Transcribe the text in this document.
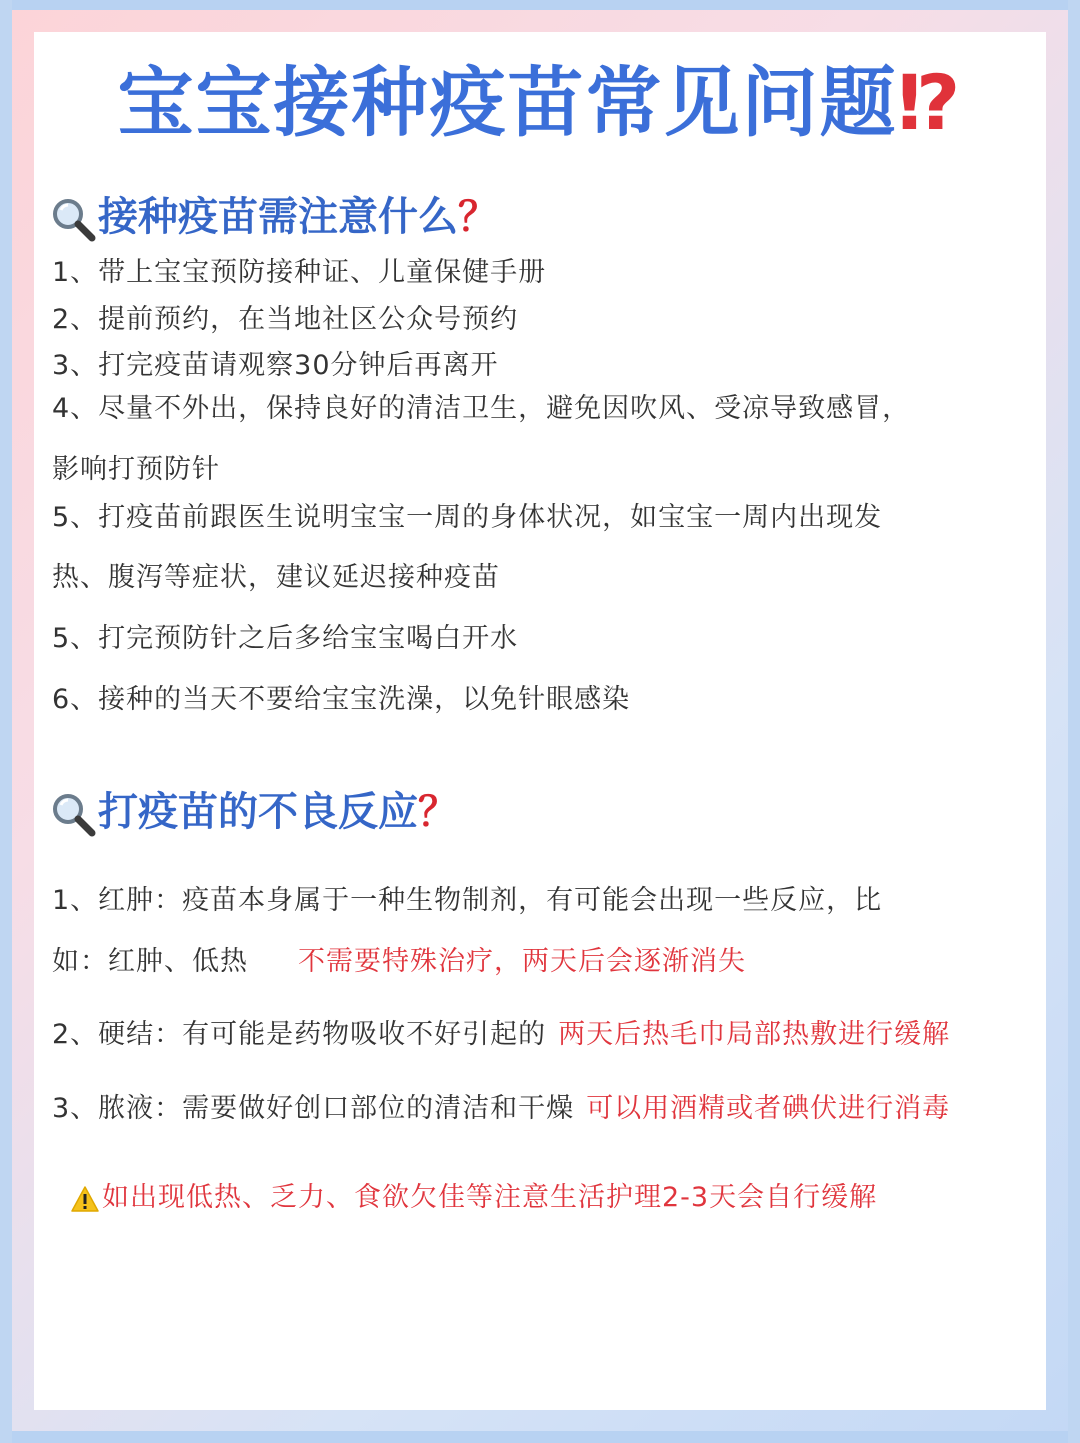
宝宝接种疫苗常见问题⁉
接种疫苗需注意什么？
1、带上宝宝预防接种证、儿童保健手册
2、提前预约，在当地社区公众号预约
3、打完疫苗请观察30分钟后再离开
4、尽量不外出，保持良好的清洁卫生，避免因吹风、受凉导致感冒，
影响打预防针
5、打疫苗前跟医生说明宝宝一周的身体状况，如宝宝一周内出现发
热、腹泻等症状，建议延迟接种疫苗
5、打完预防针之后多给宝宝喝白开水
6、接种的当天不要给宝宝洗澡，以免针眼感染
打疫苗的不良反应？
1、红肿：疫苗本身属于一种生物制剂，有可能会出现一些反应，比
如：红肿、低热 不需要特殊治疗，两天后会逐渐消失
2、硬结：有可能是药物吸收不好引起的 两天后热毛巾局部热敷进行缓解
3、脓液：需要做好创口部位的清洁和干燥 可以用酒精或者碘伏进行消毒
如出现低热、乏力、食欲欠佳等注意生活护理2-3天会自行缓解
